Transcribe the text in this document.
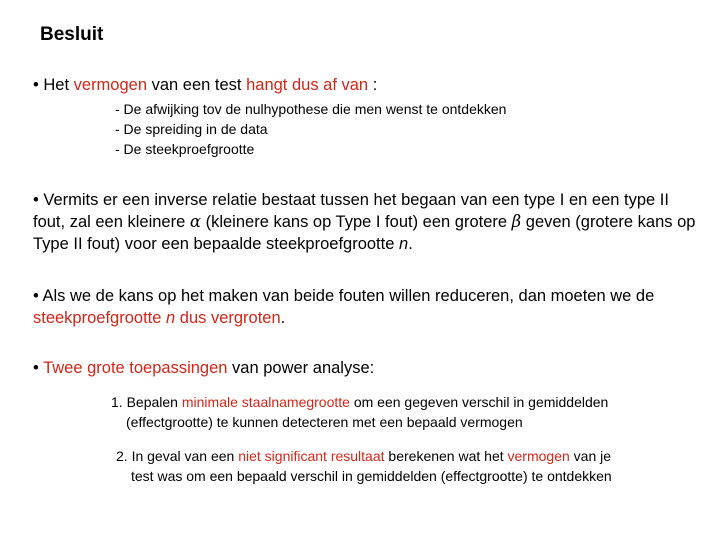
Besluit

• Het vermogen van een test hangt dus af van :

- De afwijking tov de nulhypothese die men wenst te ontdekken
- De spreiding in de data
- De steekproefgrootte

• Vermits er een inverse relatie bestaat tussen het begaan van een type I en een type II fout, zal een kleinere α (kleinere kans op Type I fout) een grotere β geven (grotere kans op Type II fout) voor een bepaalde steekproefgrootte n.

• Als we de kans op het maken van beide fouten willen reduceren, dan moeten we de steekproefgrootte n dus vergroten.

• Twee grote toepassingen van power analyse:

1. Bepalen minimale staalnamegrootte om een gegeven verschil in gemiddelden
(effectgrootte) te kunnen detecteren met een bepaald vermogen

2. In geval van een niet significant resultaat berekenen wat het vermogen van je
test was om een bepaald verschil in gemiddelden (effectgrootte) te ontdekken
